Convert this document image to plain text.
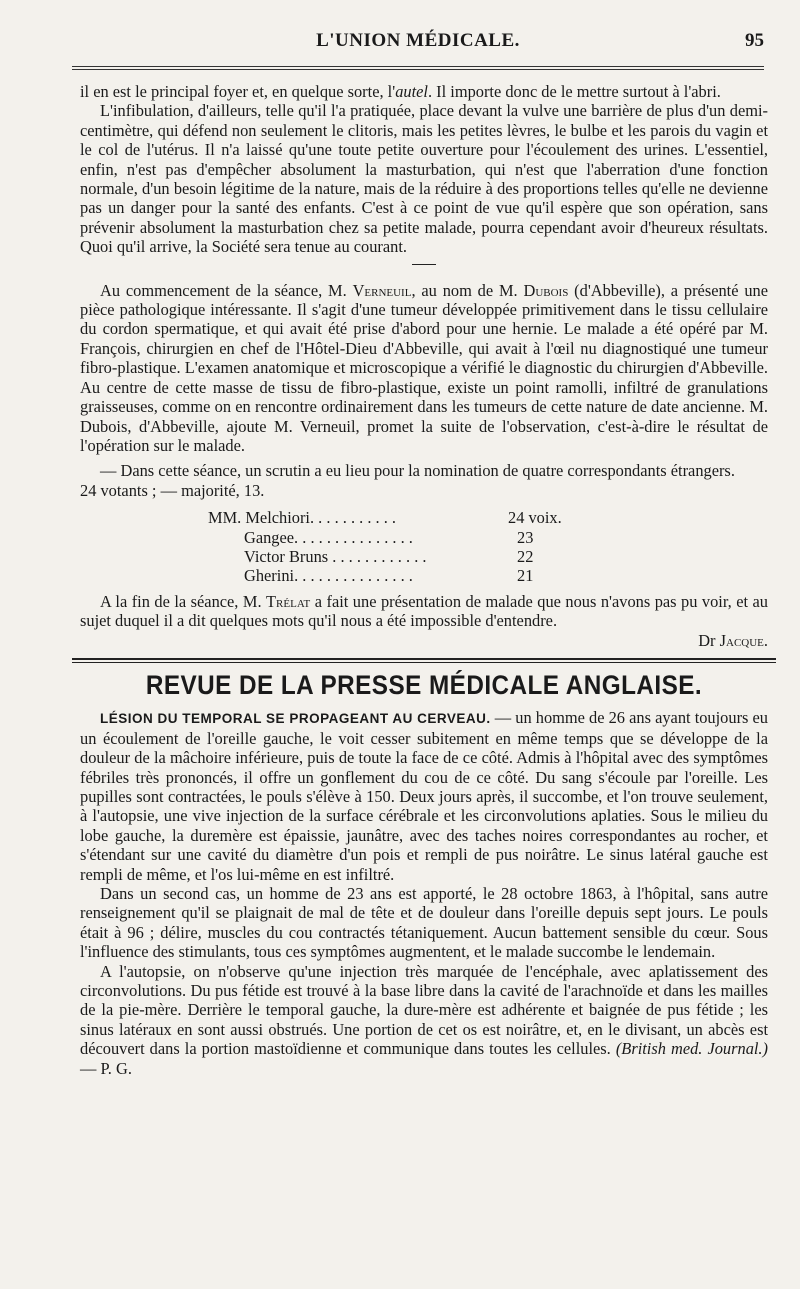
L'UNION MÉDICALE.	95

il en est le principal foyer et, en quelque sorte, l'autel. Il importe donc de le mettre surtout à l'abri.

L'infibulation, d'ailleurs, telle qu'il l'a pratiquée, place devant la vulve une barrière de plus d'un demi-centimètre, qui défend non seulement le clitoris, mais les petites lèvres, le bulbe et les parois du vagin et le col de l'utérus. Il n'a laissé qu'une toute petite ouverture pour l'écoulement des urines. L'essentiel, enfin, n'est pas d'empêcher absolument la masturbation, qui n'est que l'aberration d'une fonction normale, d'un besoin légitime de la nature, mais de la réduire à des proportions telles qu'elle ne devienne pas un danger pour la santé des enfants. C'est à ce point de vue qu'il espère que son opération, sans prévenir absolument la masturbation chez sa petite malade, pourra cependant avoir d'heureux résultats. Quoi qu'il arrive, la Société sera tenue au courant.

Au commencement de la séance, M. Verneuil, au nom de M. Dubois (d'Abbeville), a présenté une pièce pathologique intéressante. Il s'agit d'une tumeur développée primitivement dans le tissu cellulaire du cordon spermatique, et qui avait été prise d'abord pour une hernie. Le malade a été opéré par M. François, chirurgien en chef de l'Hôtel-Dieu d'Abbeville, qui avait à l'œil nu diagnostiqué une tumeur fibro-plastique. L'examen anatomique et microscopique a vérifié le diagnostic du chirurgien d'Abbeville. Au centre de cette masse de tissu de fibro-plastique, existe un point ramolli, infiltré de granulations graisseuses, comme on en rencontre ordinairement dans les tumeurs de cette nature de date ancienne. M. Dubois, d'Abbeville, ajoute M. Verneuil, promet la suite de l'observation, c'est-à-dire le résultat de l'opération sur le malade.

— Dans cette séance, un scrutin a eu lieu pour la nomination de quatre correspondants étrangers.

24 votants ; — majorité, 13.

MM. Melchiori. . . . . . . . . . .	24 voix.
Gangee. . . . . . . . . . . . . . .	23
Victor Bruns . . . . . . . . . . . .	22
Gherini. . . . . . . . . . . . . . .	21

A la fin de la séance, M. Trélat a fait une présentation de malade que nous n'avons pas pu voir, et au sujet duquel il a dit quelques mots qu'il nous a été impossible d'entendre.

Dr Jacque.

REVUE DE LA PRESSE MÉDICALE ANGLAISE.

LÉSION DU TEMPORAL SE PROPAGEANT AU CERVEAU. — un homme de 26 ans ayant toujours eu un écoulement de l'oreille gauche, le voit cesser subitement en même temps que se développe de la douleur de la mâchoire inférieure, puis de toute la face de ce côté. Admis à l'hôpital avec des symptômes fébriles très prononcés, il offre un gonflement du cou de ce côté. Du sang s'écoule par l'oreille. Les pupilles sont contractées, le pouls s'élève à 150. Deux jours après, il succombe, et l'on trouve seulement, à l'autopsie, une vive injection de la surface cérébrale et les circonvolutions aplaties. Sous le milieu du lobe gauche, la duremère est épaissie, jaunâtre, avec des taches noires correspondantes au rocher, et s'étendant sur une cavité du diamètre d'un pois et rempli de pus noirâtre. Le sinus latéral gauche est rempli de même, et l'os lui-même en est infiltré.

Dans un second cas, un homme de 23 ans est apporté, le 28 octobre 1863, à l'hôpital, sans autre renseignement qu'il se plaignait de mal de tête et de douleur dans l'oreille depuis sept jours. Le pouls était à 96 ; délire, muscles du cou contractés tétaniquement. Aucun battement sensible du cœur. Sous l'influence des stimulants, tous ces symptômes augmentent, et le malade succombe le lendemain.

A l'autopsie, on n'observe qu'une injection très marquée de l'encéphale, avec aplatissement des circonvolutions. Du pus fétide est trouvé à la base libre dans la cavité de l'arachnoïde et dans les mailles de la pie-mère. Derrière le temporal gauche, la dure-mère est adhérente et baignée de pus fétide ; les sinus latéraux en sont aussi obstrués. Une portion de cet os est noirâtre, et, en le divisant, un abcès est découvert dans la portion mastoïdienne et communique dans toutes les cellules. (British med. Journal.) — P. G.
